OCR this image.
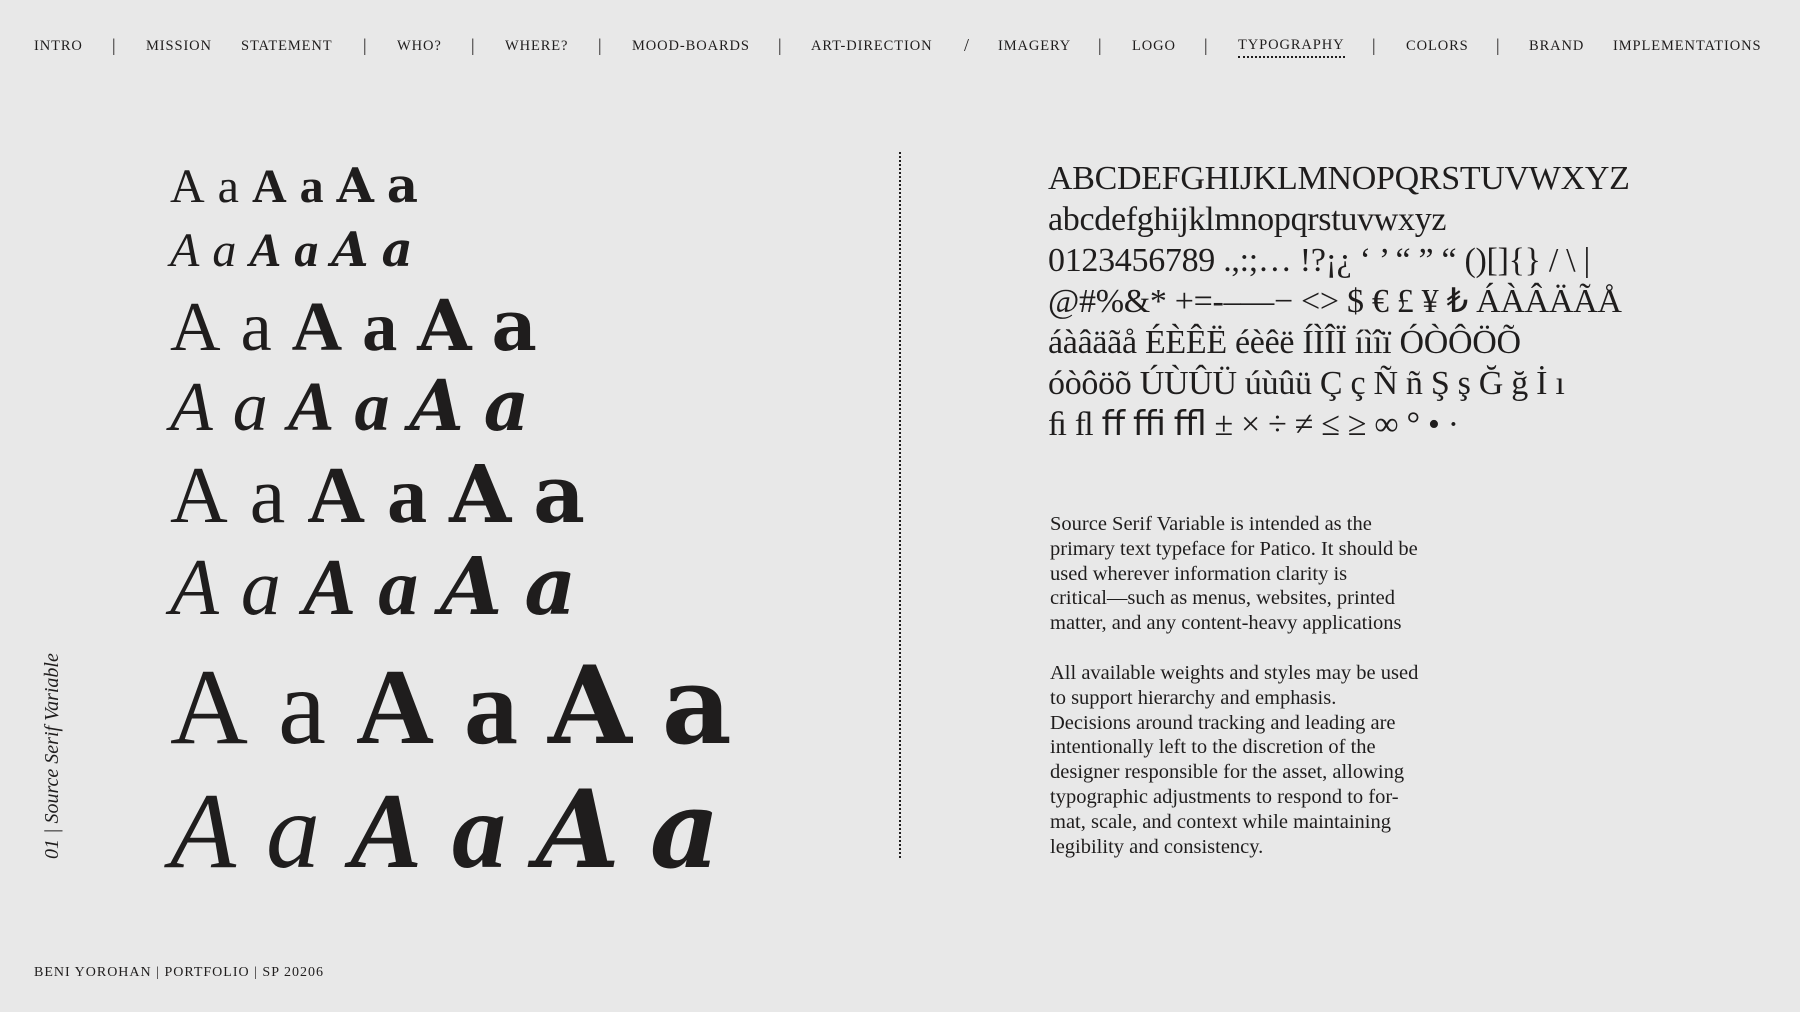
INTRO | MISSION STATEMENT | WHO? | WHERE? | MOOD-BOARDS | ART-DIRECTION / IMAGERY | LOGO | TYPOGRAPHY | COLORS | BRAND IMPLEMENTATIONS
A a A a A a
A a A a A a
A a A a A a
A a A a A a
A a A a A a
A a A a A a
A a A a A a
A a A a A a
ABCDEFGHIJKLMNOPQRSTUVWXYZ
abcdefghijklmnopqrstuvwxyz
0123456789 .,:;… !?¡¿ ‘ ’ “ ” “ ()[]{} / \ |
@#%&* +=-–—− <> $ € £ ¥ ₺ ÁÀÂÄÃÅ
áàâäãå ÉÈÊË éèêë ÍÌÎÏ íìîï ÓÒÔÖÕ
óòôöõ ÚÙÛÜ úùûü Ç ç Ñ ñ Ş ş Ğ ğ İ ı
ﬁ ﬂ ﬀ ﬃ ﬄ ± × ÷ ≠ ≤ ≥ ∞ ° • ·

Source Serif Variable is intended as the
primary text typeface for Patico. It should be
used wherever information clarity is
critical—such as menus, websites, printed
matter, and any content-heavy applications

All available weights and styles may be used
to support hierarchy and emphasis.
Decisions around tracking and leading are
intentionally left to the discretion of the
designer responsible for the asset, allowing
typographic adjustments to respond to for-
mat, scale, and context while maintaining
legibility and consistency.

01 | Source Serif Variable
BENI YOROHAN | PORTFOLIO | SP 20206
